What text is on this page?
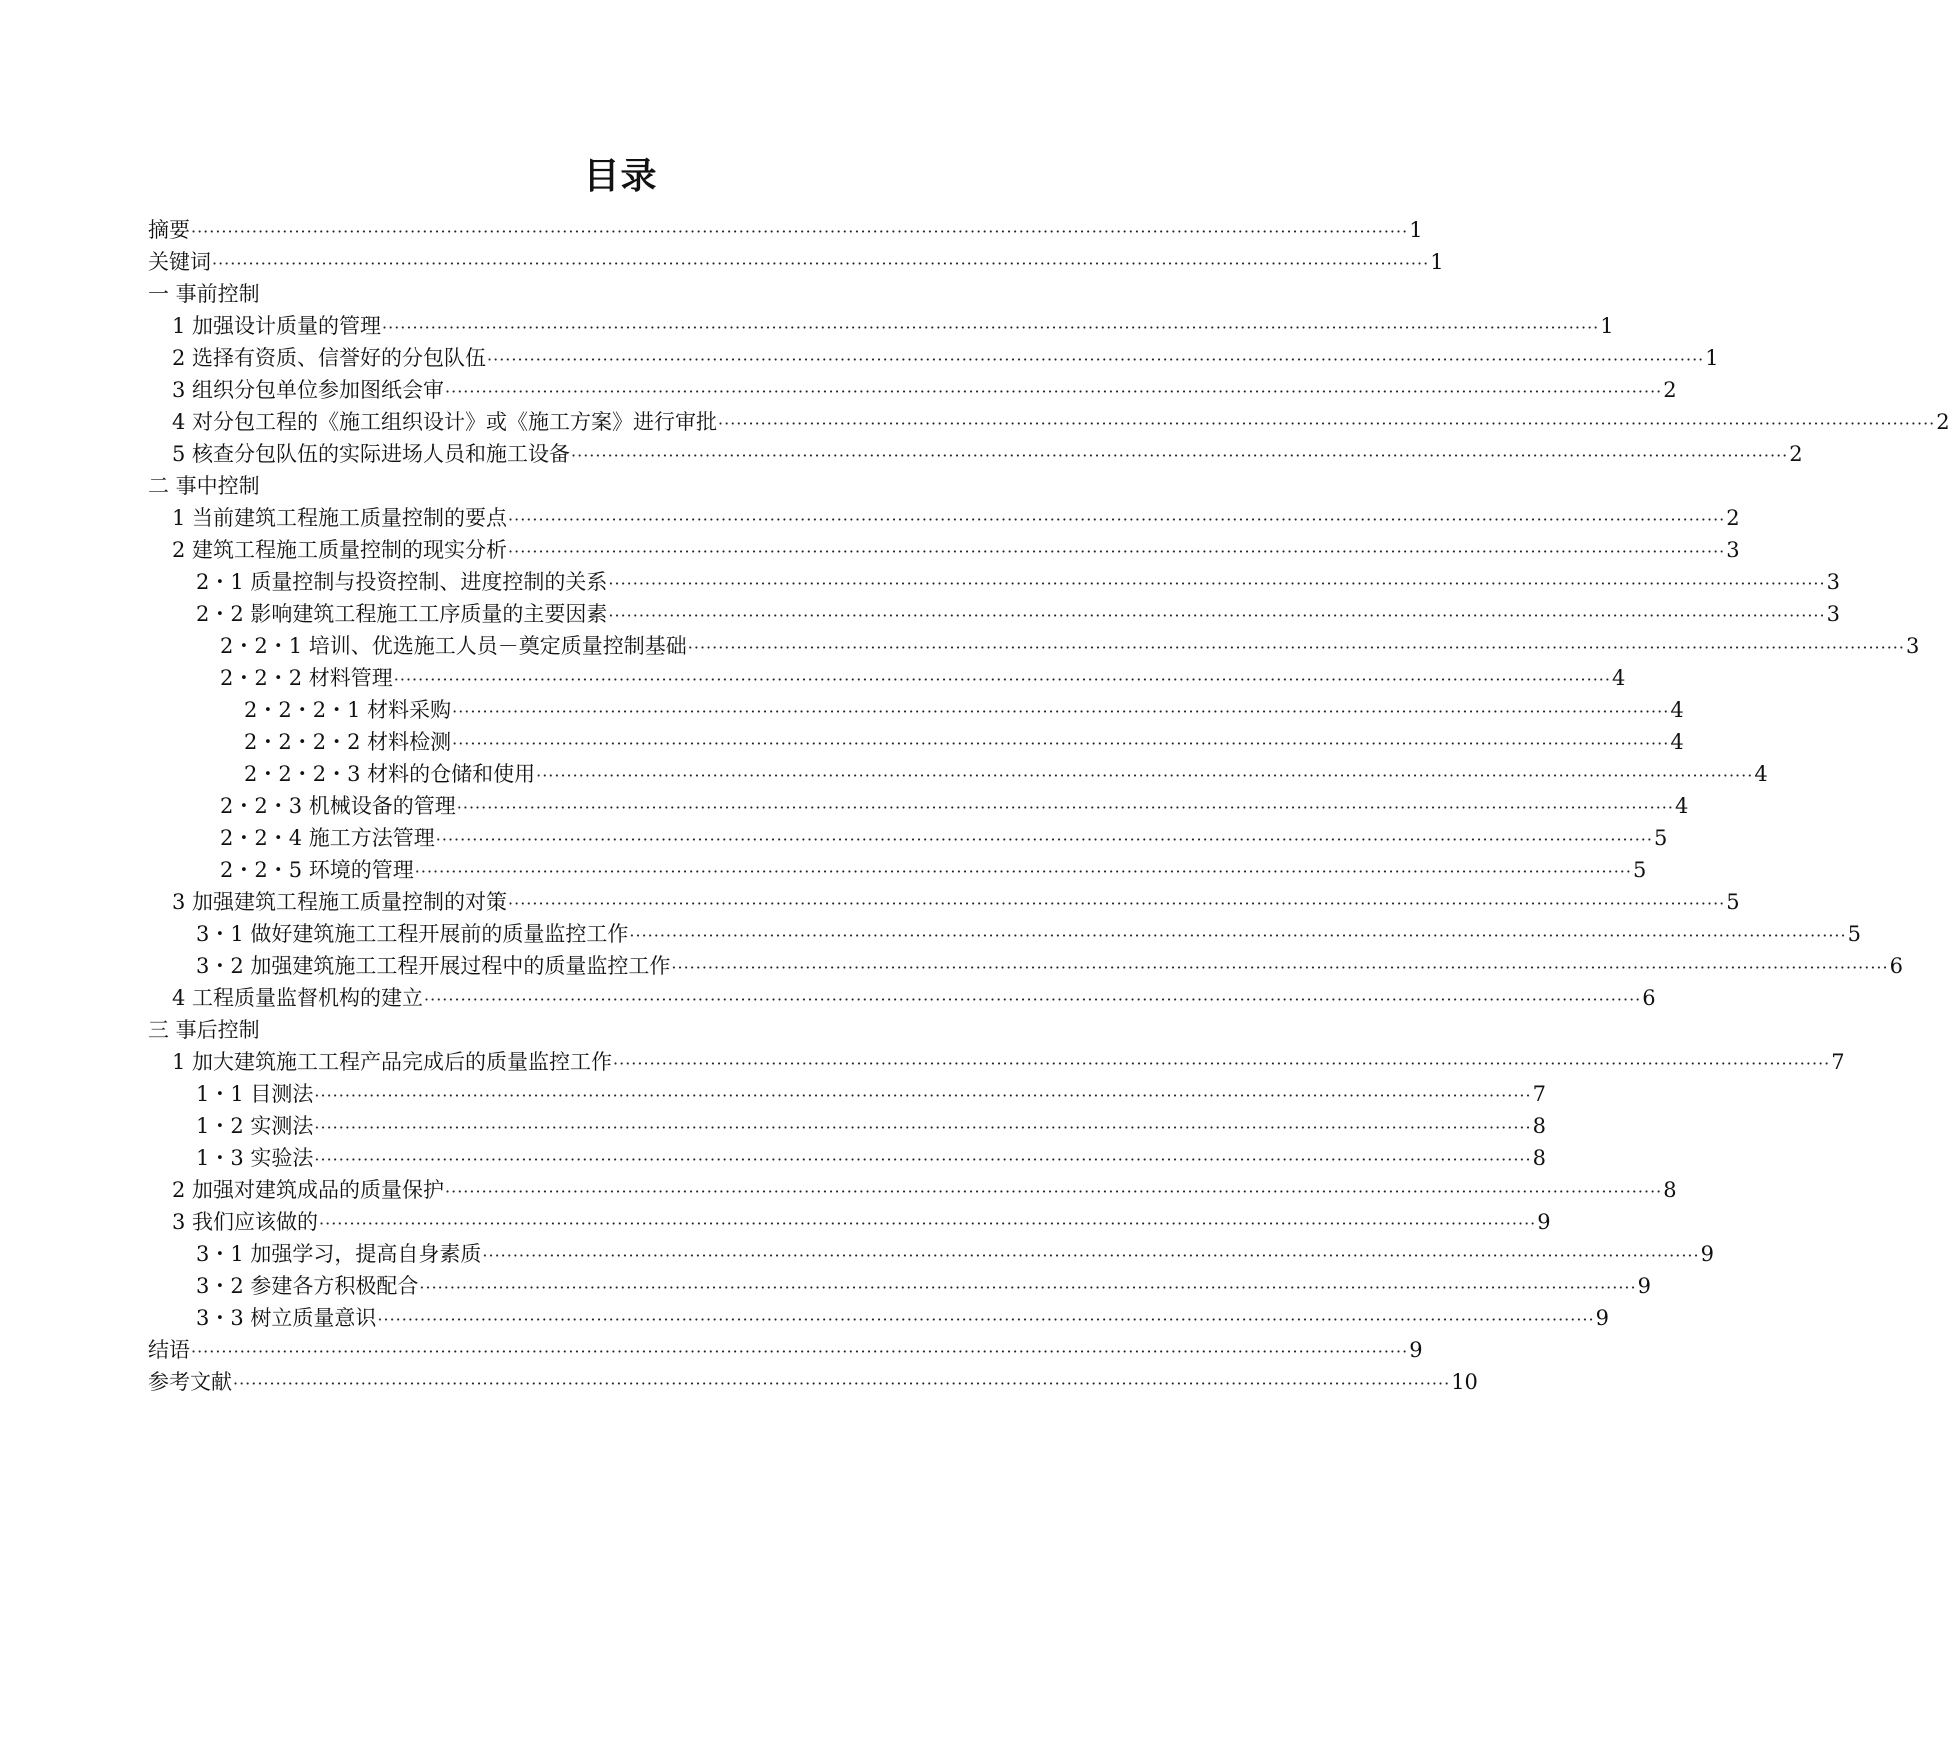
目录
摘要 ········································································································································································································ 1
关键词 ········································································································································································································ 1
一 事前控制
1 加强设计质量的管理 ········································································································································································································ 1
2 选择有资质、信誉好的分包队伍 ········································································································································································································ 1
3 组织分包单位参加图纸会审 ········································································································································································································ 2
4 对分包工程的《施工组织设计》或《施工方案》进行审批 ········································································································································································································ 2
5 核查分包队伍的实际进场人员和施工设备 ········································································································································································································ 2
二 事中控制
1 当前建筑工程施工质量控制的要点 ········································································································································································································ 2
2 建筑工程施工质量控制的现实分析 ········································································································································································································ 3
2・1 质量控制与投资控制、进度控制的关系 ········································································································································································································ 3
2・2 影响建筑工程施工工序质量的主要因素 ········································································································································································································ 3
2・2・1 培训、优选施工人员－奠定质量控制基础 ········································································································································································································ 3
2・2・2 材料管理 ········································································································································································································ 4
2・2・2・1 材料采购 ········································································································································································································ 4
2・2・2・2 材料检测 ········································································································································································································ 4
2・2・2・3 材料的仓储和使用 ········································································································································································································ 4
2・2・3 机械设备的管理 ········································································································································································································ 4
2・2・4 施工方法管理 ········································································································································································································ 5
2・2・5 环境的管理 ········································································································································································································ 5
3 加强建筑工程施工质量控制的对策 ········································································································································································································ 5
3・1 做好建筑施工工程开展前的质量监控工作 ········································································································································································································ 5
3・2 加强建筑施工工程开展过程中的质量监控工作 ········································································································································································································ 6
4 工程质量监督机构的建立 ········································································································································································································ 6
三 事后控制
1 加大建筑施工工程产品完成后的质量监控工作 ········································································································································································································ 7
1・1 目测法 ········································································································································································································ 7
1・2 实测法 ········································································································································································································ 8
1・3 实验法 ········································································································································································································ 8
2 加强对建筑成品的质量保护 ········································································································································································································ 8
3 我们应该做的 ········································································································································································································ 9
3・1 加强学习，提高自身素质 ········································································································································································································ 9
3・2 参建各方积极配合 ········································································································································································································ 9
3・3 树立质量意识 ········································································································································································································ 9
结语 ········································································································································································································ 9
参考文献 ········································································································································································································ 10
